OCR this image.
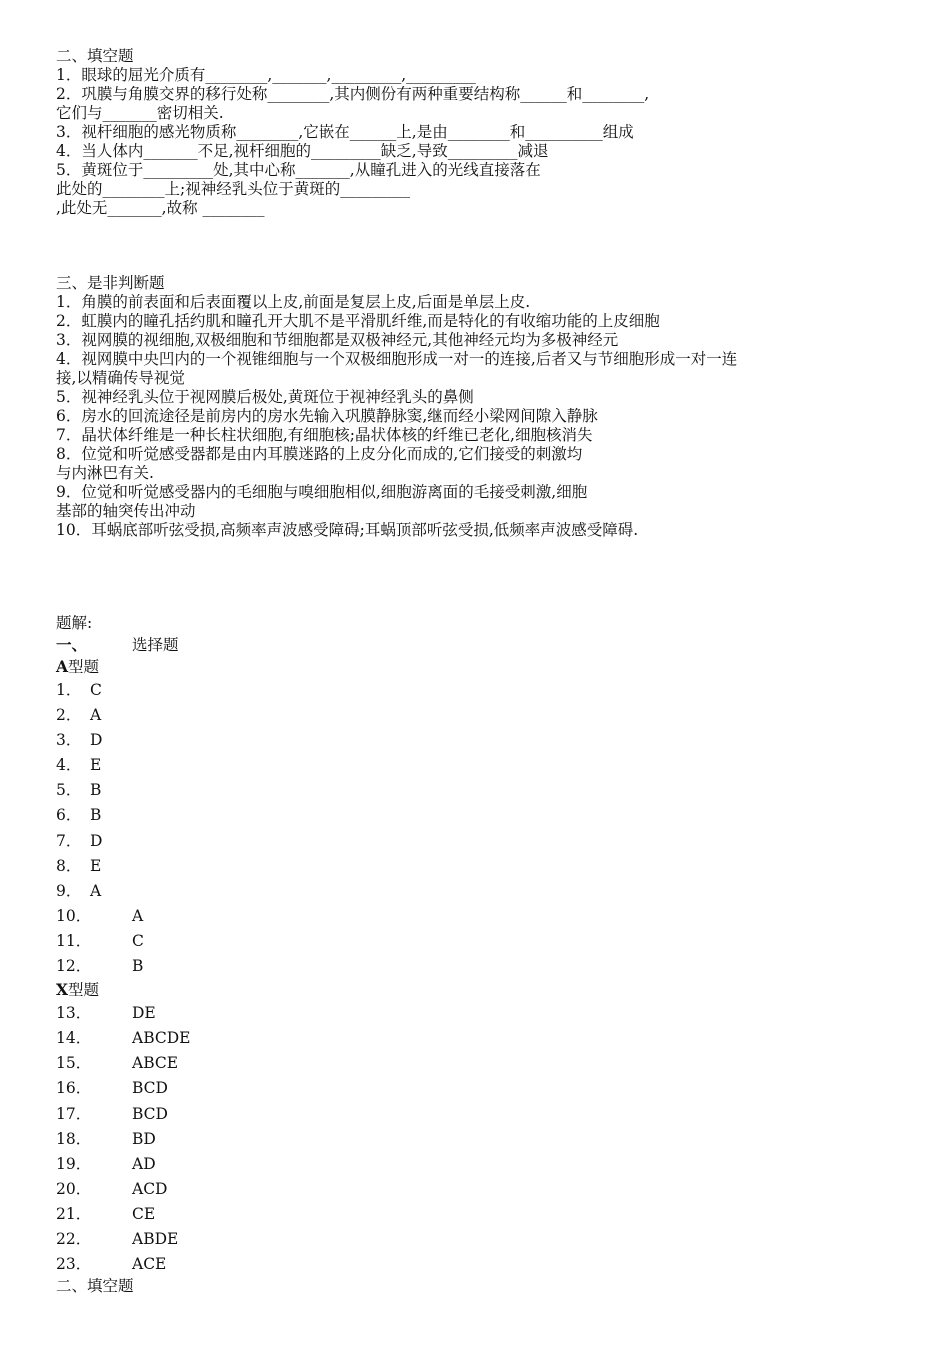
二、填空题
1．眼球的屈光介质有________,_______,_________,_________
2．巩膜与角膜交界的移行处称________,其内侧份有两种重要结构称______和________,
它们与_______密切相关.
3．视杆细胞的感光物质称________,它嵌在______上,是由________和__________组成
4．当人体内_______不足,视杆细胞的_________缺乏,导致_________减退
5．黄斑位于_________处,其中心称_______,从瞳孔进入的光线直接落在
此处的________上;视神经乳头位于黄斑的_________
,此处无_______,故称 ________
三、是非判断题
1．角膜的前表面和后表面覆以上皮,前面是复层上皮,后面是单层上皮.
2．虹膜内的瞳孔括约肌和瞳孔开大肌不是平滑肌纤维,而是特化的有收缩功能的上皮细胞
3．视网膜的视细胞,双极细胞和节细胞都是双极神经元,其他神经元均为多极神经元
4．视网膜中央凹内的一个视锥细胞与一个双极细胞形成一对一的连接,后者又与节细胞形成一对一连
接,以精确传导视觉
5．视神经乳头位于视网膜后极处,黄斑位于视神经乳头的鼻侧
6．房水的回流途径是前房内的房水先输入巩膜静脉窦,继而经小梁网间隙入静脉
7．晶状体纤维是一种长柱状细胞,有细胞核;晶状体核的纤维已老化,细胞核消失
8．位觉和听觉感受器都是由内耳膜迷路的上皮分化而成的,它们接受的刺激均
与内淋巴有关.
9．位觉和听觉感受器内的毛细胞与嗅细胞相似,细胞游离面的毛接受刺激,细胞
基部的轴突传出冲动
10．耳蜗底部听弦受损,高频率声波感受障碍;耳蜗顶部听弦受损,低频率声波感受障碍.
题解:
一、	选择题
A型题
1． C
2． A
3． D
4． E
5． B
6． B
7． D
8． E
9． A
10．	A
11．	C
12．	B
X型题
13．	DE
14．	ABCDE
15．	ABCE
16．	BCD
17．	BCD
18．	BD
19．	AD
20．	ACD
21．	CE
22．	ABDE
23．	ACE
二、填空题
